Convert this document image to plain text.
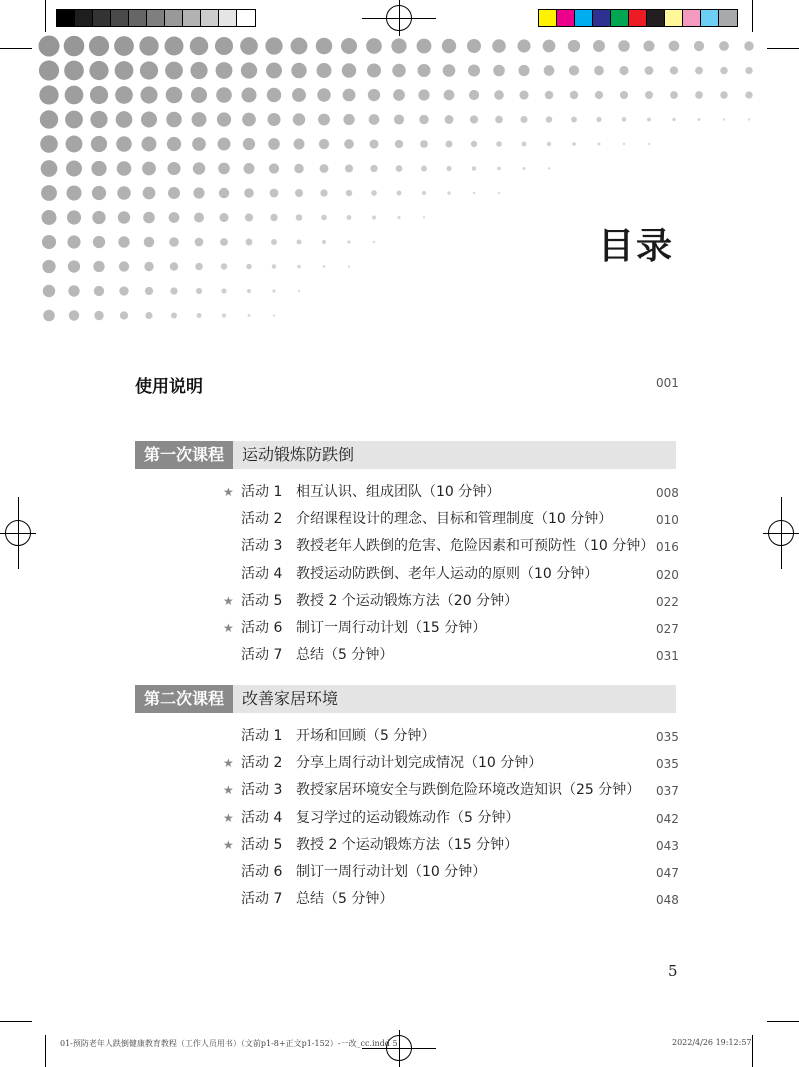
目录
使用说明	001
第一次课程	运动锻炼防跌倒
★ 活动 1 相互认识、组成团队（10 分钟）	008
活动 2 介绍课程设计的理念、目标和管理制度（10 分钟）	010
活动 3 教授老年人跌倒的危害、危险因素和可预防性（10 分钟） 016
活动 4 教授运动防跌倒、老年人运动的原则（10 分钟）	020
★ 活动 5 教授 2 个运动锻炼方法（20 分钟）	022
★ 活动 6 制订一周行动计划（15 分钟）	027
活动 7 总结（5 分钟）	031
第二次课程	改善家居环境
活动 1 开场和回顾（5 分钟）	035
★ 活动 2 分享上周行动计划完成情况（10 分钟）	035
★ 活动 3 教授家居环境安全与跌倒危险环境改造知识（25 分钟） 037
★ 活动 4 复习学过的运动锻炼动作（5 分钟）	042
★ 活动 5 教授 2 个运动锻炼方法（15 分钟）	043
活动 6 制订一周行动计划（10 分钟）	047
活动 7 总结（5 分钟）	048
5
01-预防老年人跌倒健康教育教程（工作人员用书）（文前p1-8+正文p1-152）-一改_cc.indd 5	2022/4/26 19:12:57
